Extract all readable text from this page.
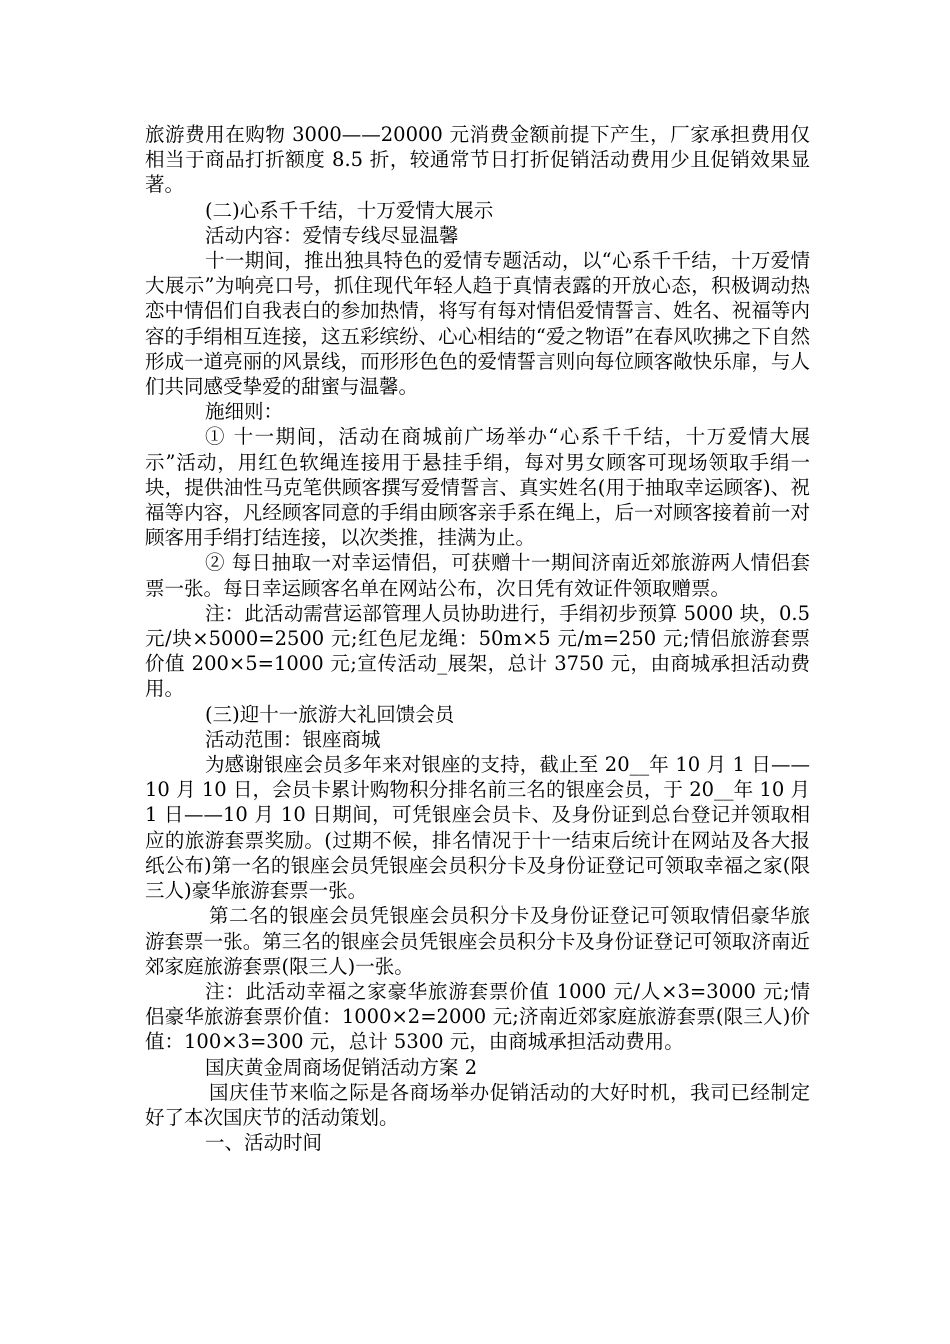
旅游费用在购物 3000——20000 元消费金额前提下产生，厂家承担费用仅相当于商品打折额度 8.5 折，较通常节日打折促销活动费用少且促销效果显著。

(二)心系千千结，十万爱情大展示

活动内容：爱情专线尽显温馨

十一期间，推出独具特色的爱情专题活动，以“心系千千结，十万爱情大展示”为响亮口号，抓住现代年轻人趋于真情表露的开放心态，积极调动热恋中情侣们自我表白的参加热情，将写有每对情侣爱情誓言、姓名、祝福等内容的手绢相互连接，这五彩缤纷、心心相结的“爱之物语”在春风吹拂之下自然形成一道亮丽的风景线，而形形色色的爱情誓言则向每位顾客敞快乐扉，与人们共同感受挚爱的甜蜜与温馨。

施细则：

① 十一期间，活动在商城前广场举办“心系千千结，十万爱情大展示”活动，用红色软绳连接用于悬挂手绢，每对男女顾客可现场领取手绢一块，提供油性马克笔供顾客撰写爱情誓言、真实姓名(用于抽取幸运顾客)、祝福等内容，凡经顾客同意的手绢由顾客亲手系在绳上，后一对顾客接着前一对顾客用手绢打结连接，以次类推，挂满为止。

② 每日抽取一对幸运情侣，可获赠十一期间济南近郊旅游两人情侣套票一张。每日幸运顾客名单在网站公布，次日凭有效证件领取赠票。

注：此活动需营运部管理人员协助进行，手绢初步预算 5000 块，0.5 元/块×5000=2500 元;红色尼龙绳：50m×5 元/m=250 元;情侣旅游套票价值 200×5=1000 元;宣传活动_展架，总计 3750 元，由商城承担活动费用。

(三)迎十一旅游大礼回馈会员

活动范围：银座商城

为感谢银座会员多年来对银座的支持，截止至 20__年 10 月 1 日——10 月 10 日，会员卡累计购物积分排名前三名的银座会员，于 20__年 10 月 1 日——10 月 10 日期间，可凭银座会员卡、及身份证到总台登记并领取相应的旅游套票奖励。(过期不候，排名情况于十一结束后统计在网站及各大报纸公布)第一名的银座会员凭银座会员积分卡及身份证登记可领取幸福之家(限三人)豪华旅游套票一张。

第二名的银座会员凭银座会员积分卡及身份证登记可领取情侣豪华旅游套票一张。第三名的银座会员凭银座会员积分卡及身份证登记可领取济南近郊家庭旅游套票(限三人)一张。

注：此活动幸福之家豪华旅游套票价值 1000 元/人×3=3000 元;情侣豪华旅游套票价值：1000×2=2000 元;济南近郊家庭旅游套票(限三人)价值：100×3=300 元，总计 5300 元，由商城承担活动费用。

国庆黄金周商场促销活动方案 2

国庆佳节来临之际是各商场举办促销活动的大好时机，我司已经制定好了本次国庆节的活动策划。

一、活动时间
